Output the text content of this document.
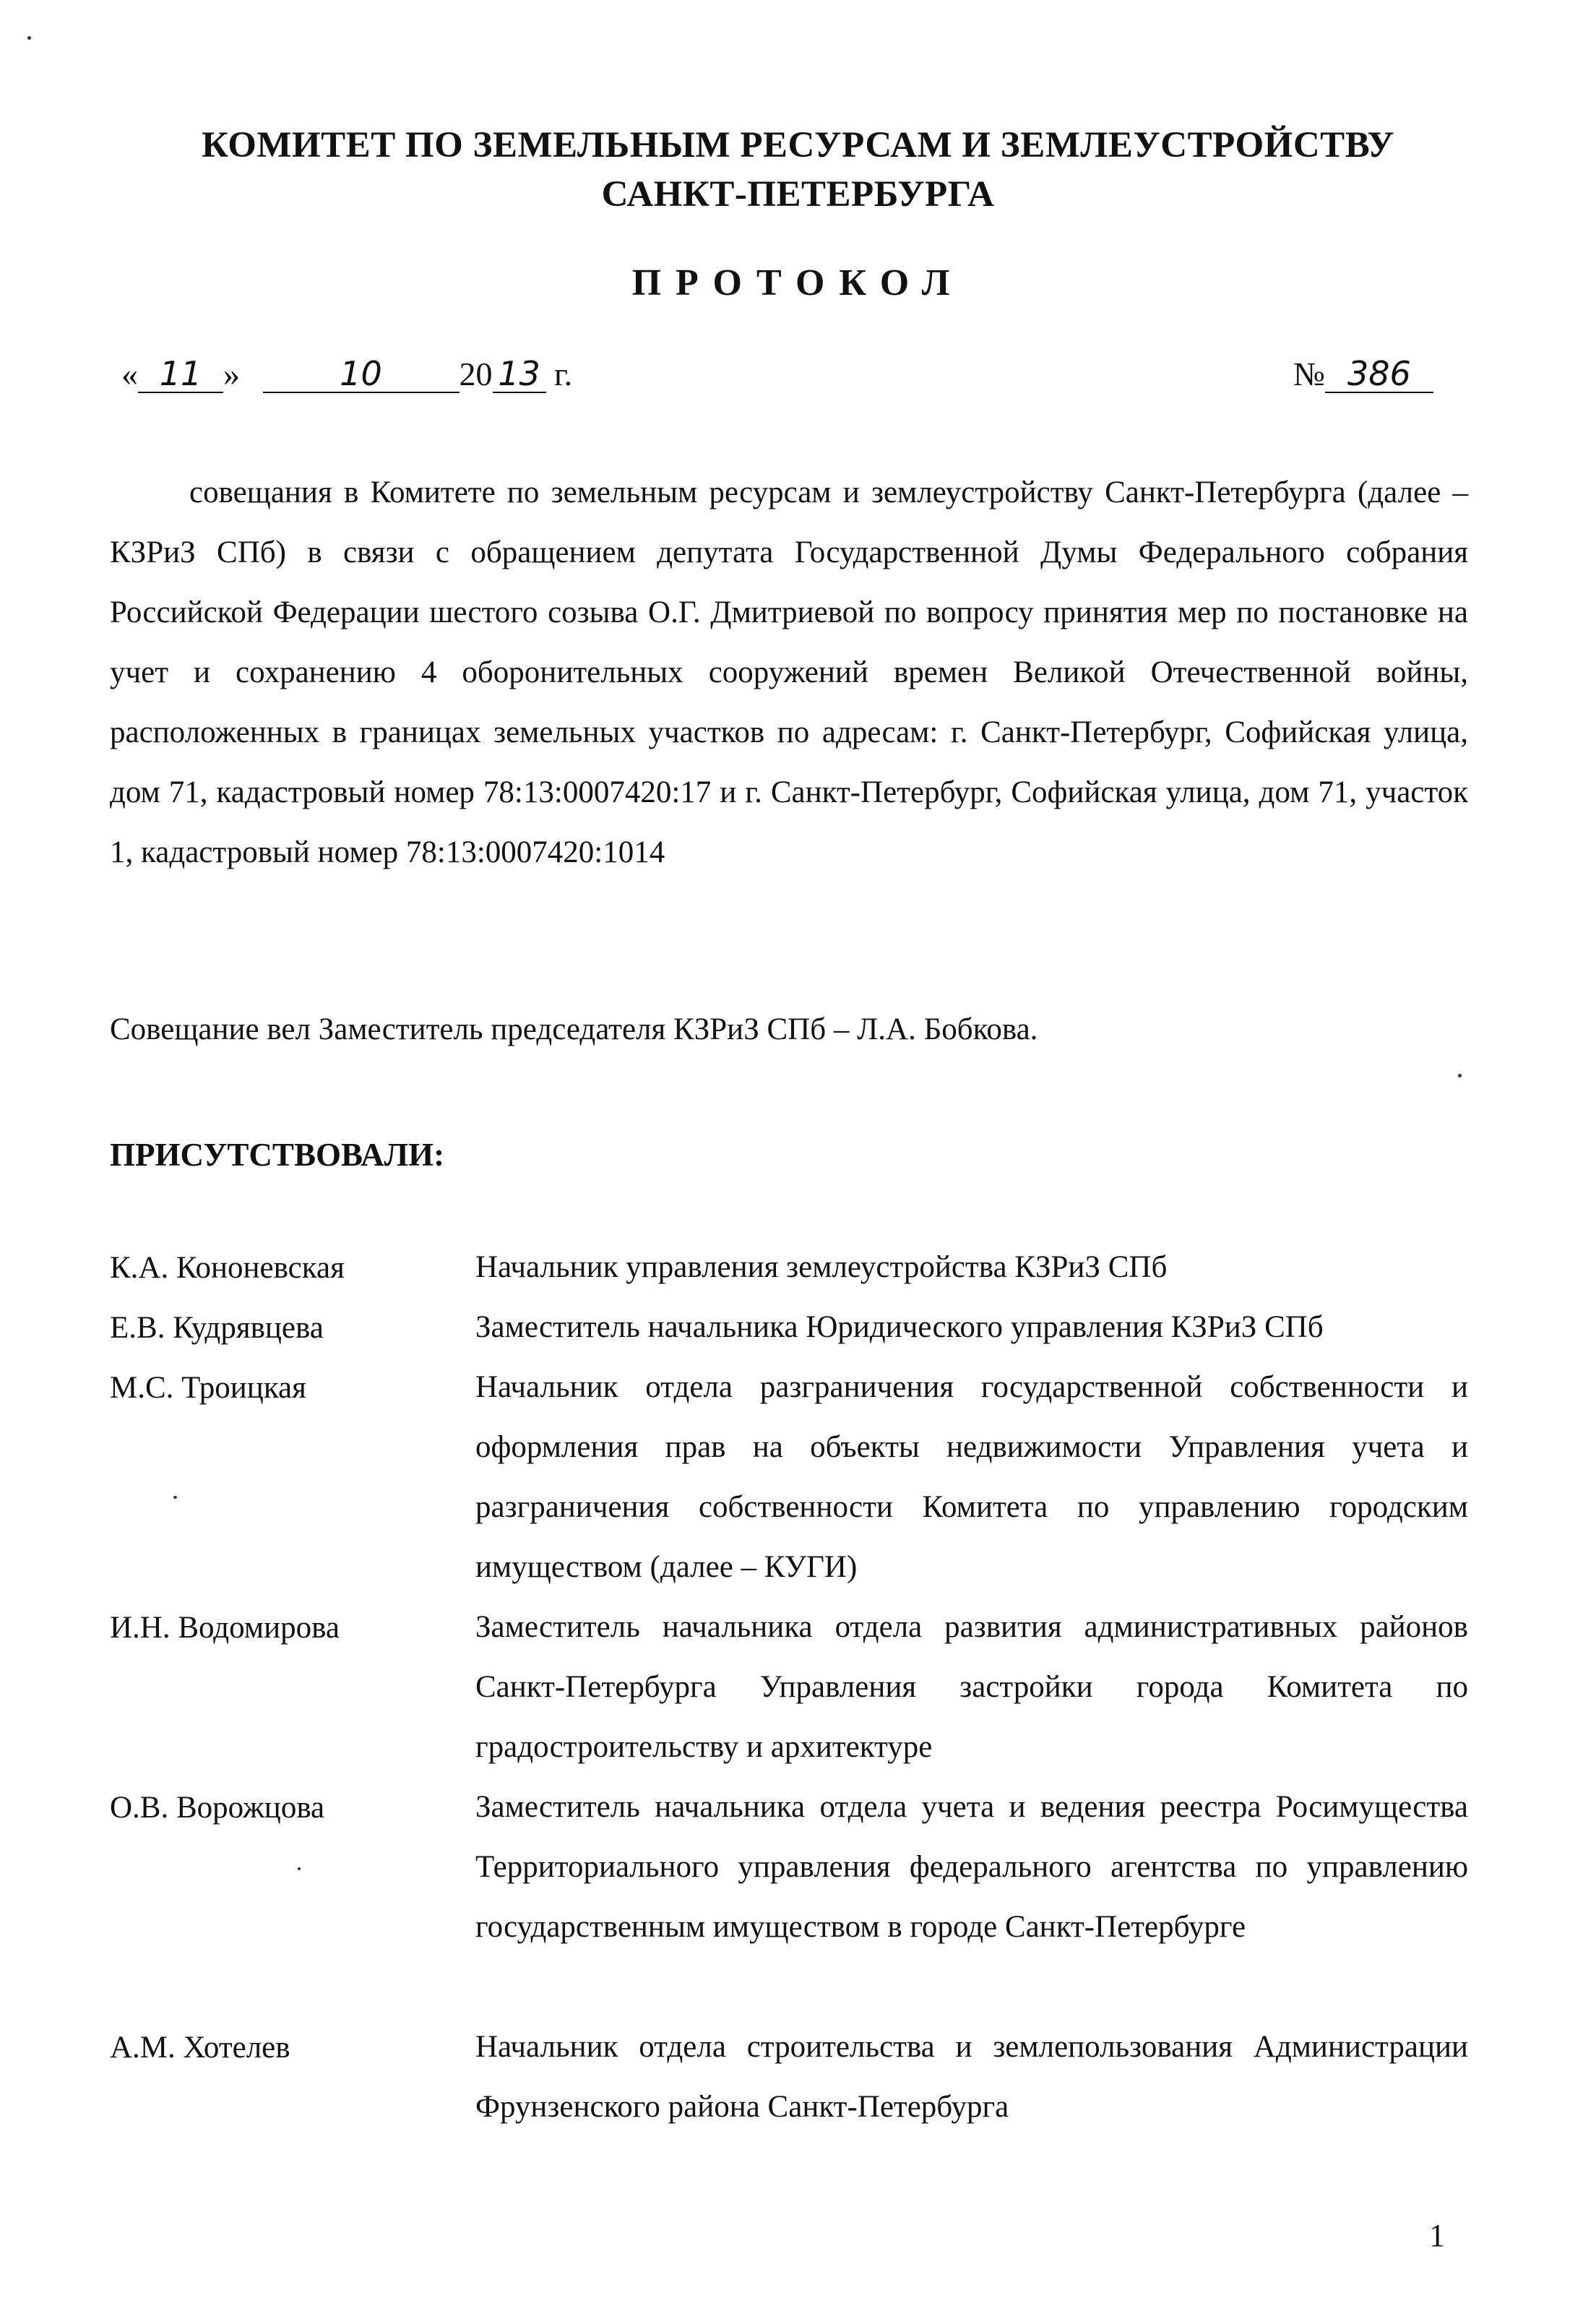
КОМИТЕТ ПО ЗЕМЕЛЬНЫМ РЕСУРСАМ И ЗЕМЛЕУСТРОЙСТВУ
САНКТ-ПЕТЕРБУРГА
ПРОТОКОЛ
« 11 »	10 20 13 г.	№ 386
совещания в Комитете по земельным ресурсам и землеустройству Санкт-Петербурга (далее – КЗРиЗ СПб) в связи с обращением депутата Государственной Думы Федерального собрания Российской Федерации шестого созыва О.Г. Дмитриевой по вопросу принятия мер по постановке на учет и сохранению 4 оборонительных сооружений времен Великой Отечественной войны, расположенных в границах земельных участков по адресам: г. Санкт-Петербург, Софийская улица, дом 71, кадастровый номер 78:13:0007420:17 и г. Санкт-Петербург, Софийская улица, дом 71, участок 1, кадастровый номер 78:13:0007420:1014
Совещание вел Заместитель председателя КЗРиЗ СПб – Л.А. Бобкова.
ПРИСУТСТВОВАЛИ:
К.А. Кононевская	Начальник управления землеустройства КЗРиЗ СПб
Е.В. Кудрявцева	Заместитель начальника Юридического управления КЗРиЗ СПб
М.С. Троицкая	Начальник отдела разграничения государственной собственности и оформления прав на объекты недвижимости Управления учета и разграничения собственности Комитета по управлению городским имуществом (далее – КУГИ)
И.Н. Водомирова	Заместитель начальника отдела развития административных районов Санкт-Петербурга Управления застройки города Комитета по градостроительству и архитектуре
О.В. Ворожцова	Заместитель начальника отдела учета и ведения реестра Росимущества Территориального управления федерального агентства по управлению государственным имуществом в городе Санкт-Петербурге
А.М. Хотелев	Начальник отдела строительства и землепользования Администрации Фрунзенского района Санкт-Петербурга
1
